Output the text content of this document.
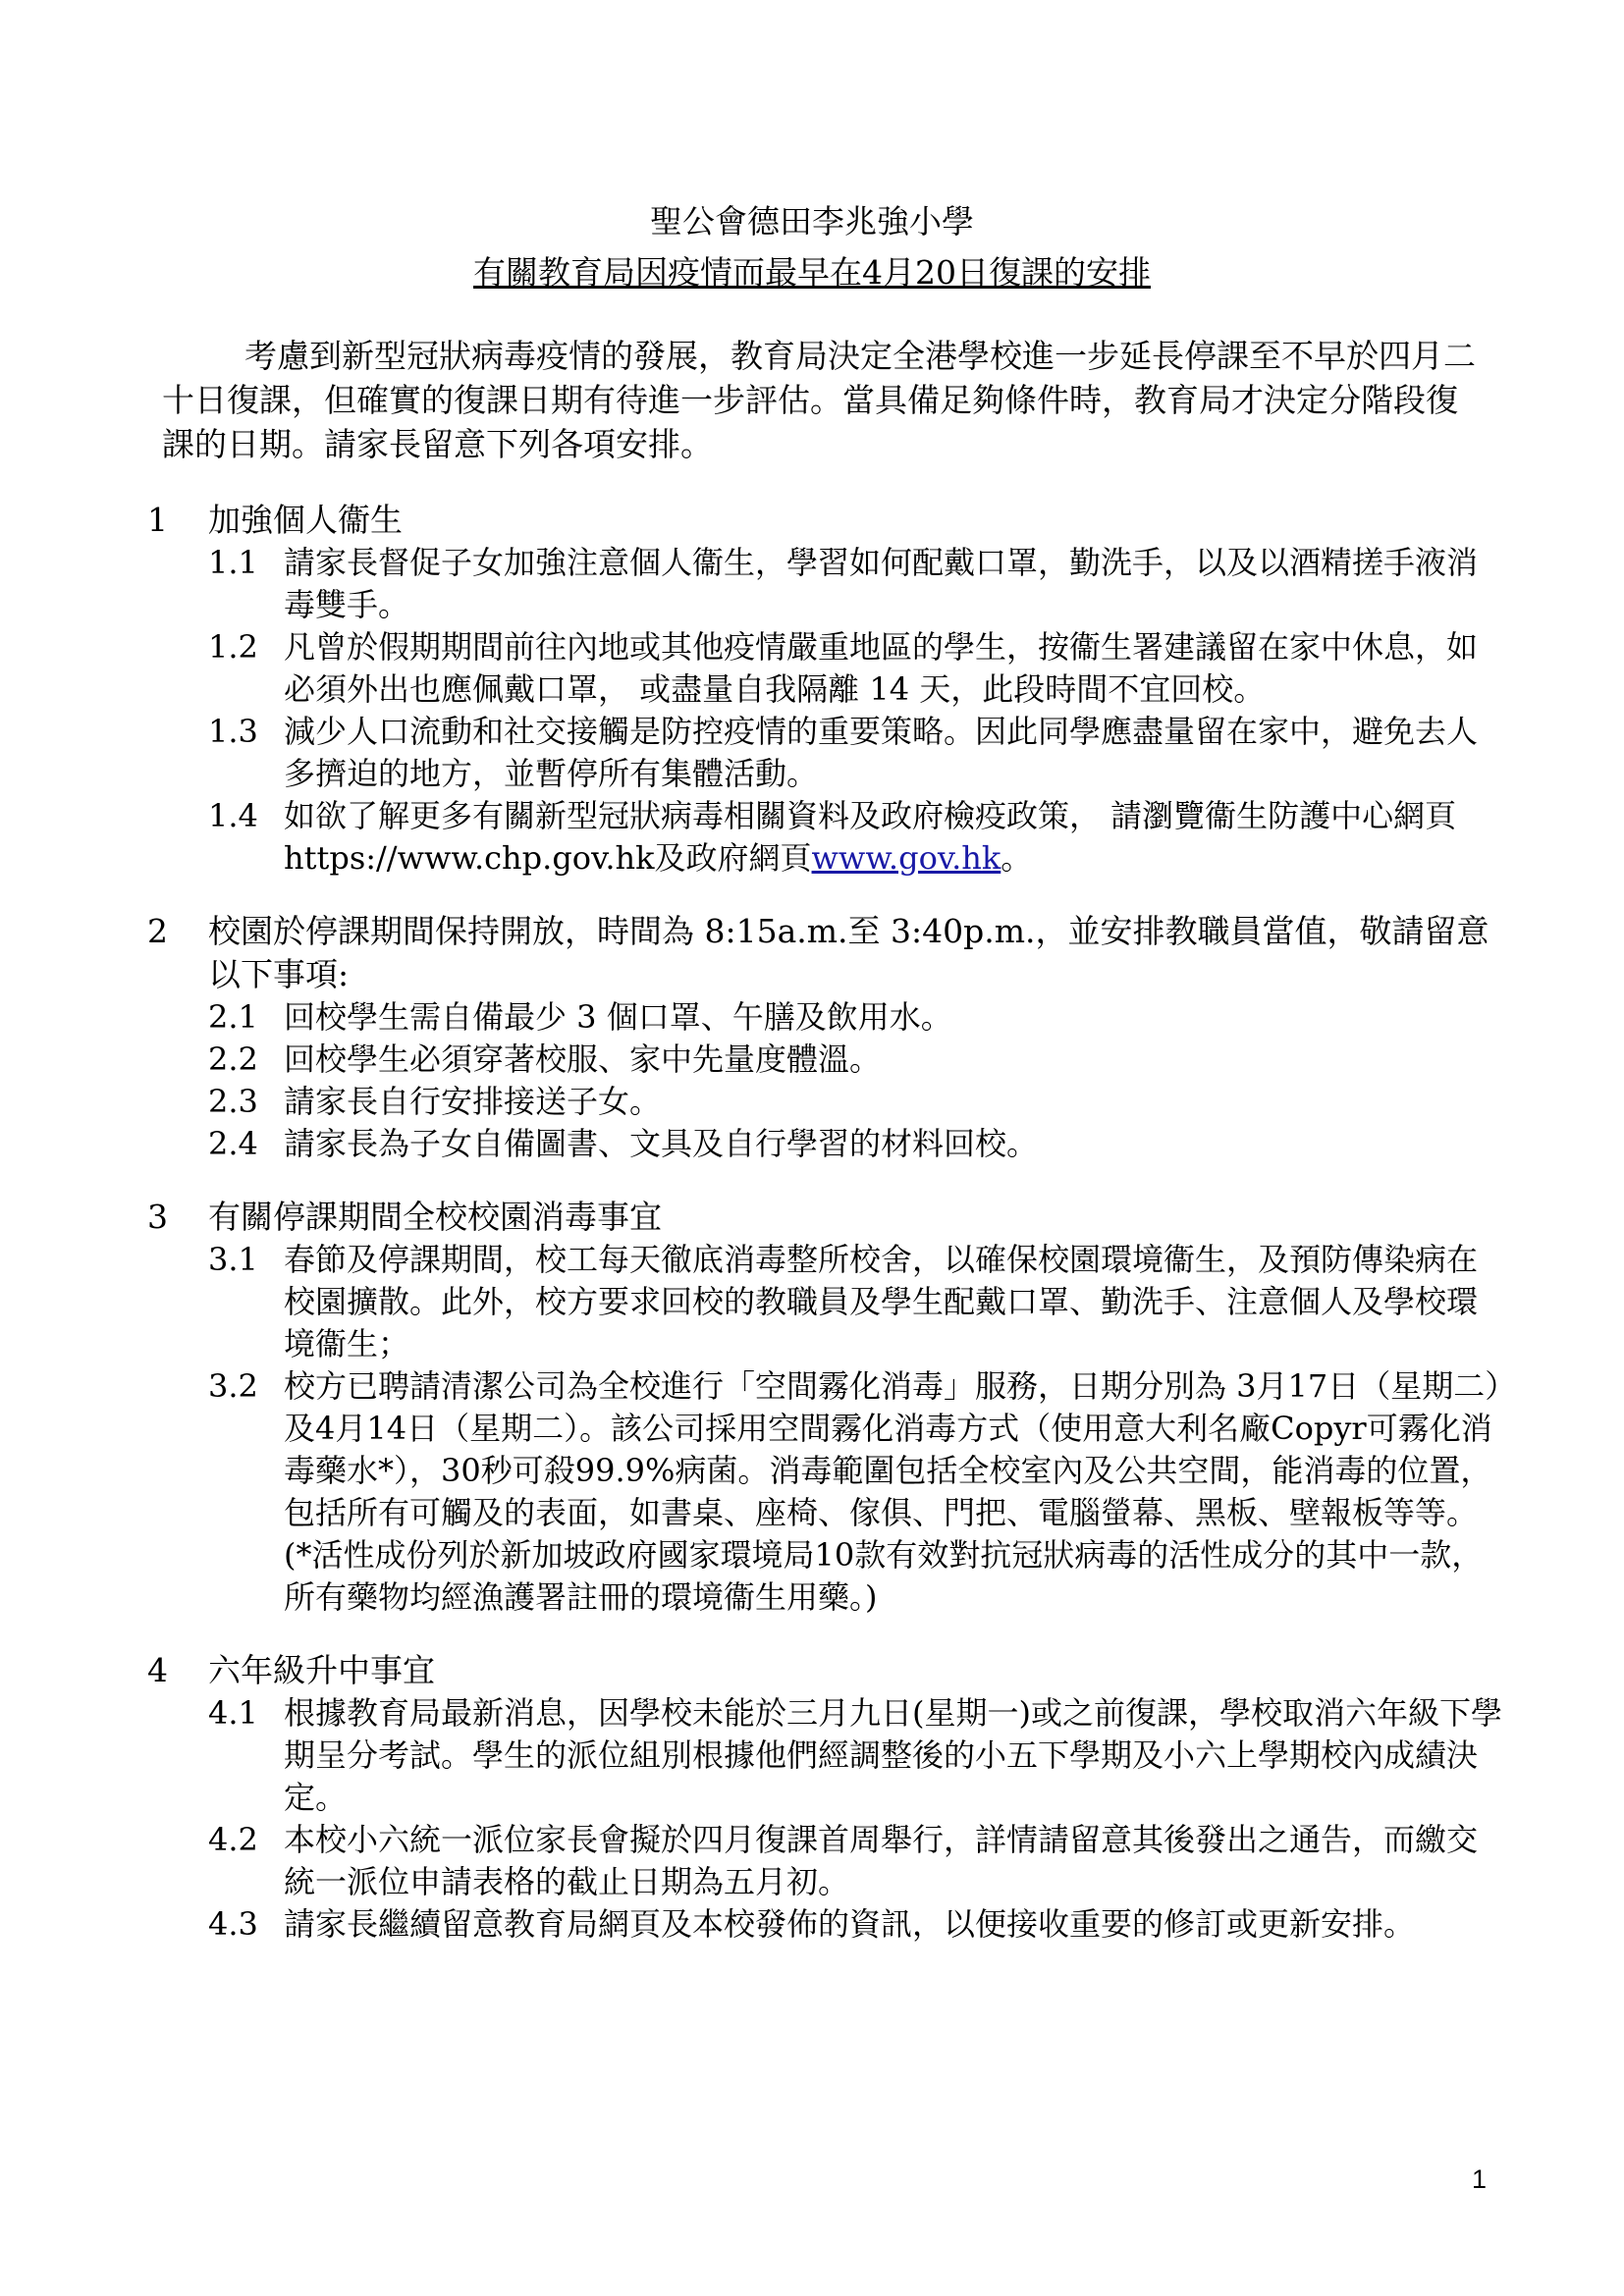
聖公會德田李兆強小學
有關教育局因疫情而最早在4月20日復課的安排

考慮到新型冠狀病毒疫情的發展，教育局決定全港學校進一步延長停課至不早於四月二十日復課，但確實的復課日期有待進一步評估。當具備足夠條件時，教育局才決定分階段復課的日期。請家長留意下列各項安排。

1 加強個人衞生
1.1 請家長督促子女加強注意個人衞生，學習如何配戴口罩，勤洗手，以及以酒精搓手液消毒雙手。
1.2 凡曾於假期期間前往內地或其他疫情嚴重地區的學生，按衞生署建議留在家中休息，如必須外出也應佩戴口罩， 或盡量自我隔離 14 天，此段時間不宜回校。
1.3 減少人口流動和社交接觸是防控疫情的重要策略。因此同學應盡量留在家中，避免去人多擠迫的地方，並暫停所有集體活動。
1.4 如欲了解更多有關新型冠狀病毒相關資料及政府檢疫政策， 請瀏覽衞生防護中心網頁 https://www.chp.gov.hk及政府網頁www.gov.hk。
2 校園於停課期間保持開放，時間為 8:15a.m.至 3:40p.m.，並安排教職員當值，敬請留意以下事項:
2.1 回校學生需自備最少 3 個口罩、午膳及飲用水。
2.2 回校學生必須穿著校服、家中先量度體溫。
2.3 請家長自行安排接送子女。
2.4 請家長為子女自備圖書、文具及自行學習的材料回校。
3 有關停課期間全校校園消毒事宜
3.1 春節及停課期間，校工每天徹底消毒整所校舍，以確保校園環境衞生，及預防傳染病在校園擴散。此外，校方要求回校的教職員及學生配戴口罩、勤洗手、注意個人及學校環境衞生；
3.2 校方已聘請清潔公司為全校進行「空間霧化消毒」服務，日期分別為 3月17日（星期二）及4月14日（星期二）。該公司採用空間霧化消毒方式（使用意大利名廠Copyr可霧化消毒藥水*），30秒可殺99.9%病菌。消毒範圍包括全校室內及公共空間，能消毒的位置，包括所有可觸及的表面，如書桌、座椅、傢俱、門把、電腦螢幕、黑板、壁報板等等。(*活性成份列於新加坡政府國家環境局10款有效對抗冠狀病毒的活性成分的其中一款，所有藥物均經漁護署註冊的環境衞生用藥。)
4 六年級升中事宜
4.1 根據教育局最新消息，因學校未能於三月九日(星期一)或之前復課，學校取消六年級下學期呈分考試。學生的派位組別根據他們經調整後的小五下學期及小六上學期校內成績決定。
4.2 本校小六統一派位家長會擬於四月復課首周舉行，詳情請留意其後發出之通告，而繳交統一派位申請表格的截止日期為五月初。
4.3 請家長繼續留意教育局網頁及本校發佈的資訊，以便接收重要的修訂或更新安排。
1
